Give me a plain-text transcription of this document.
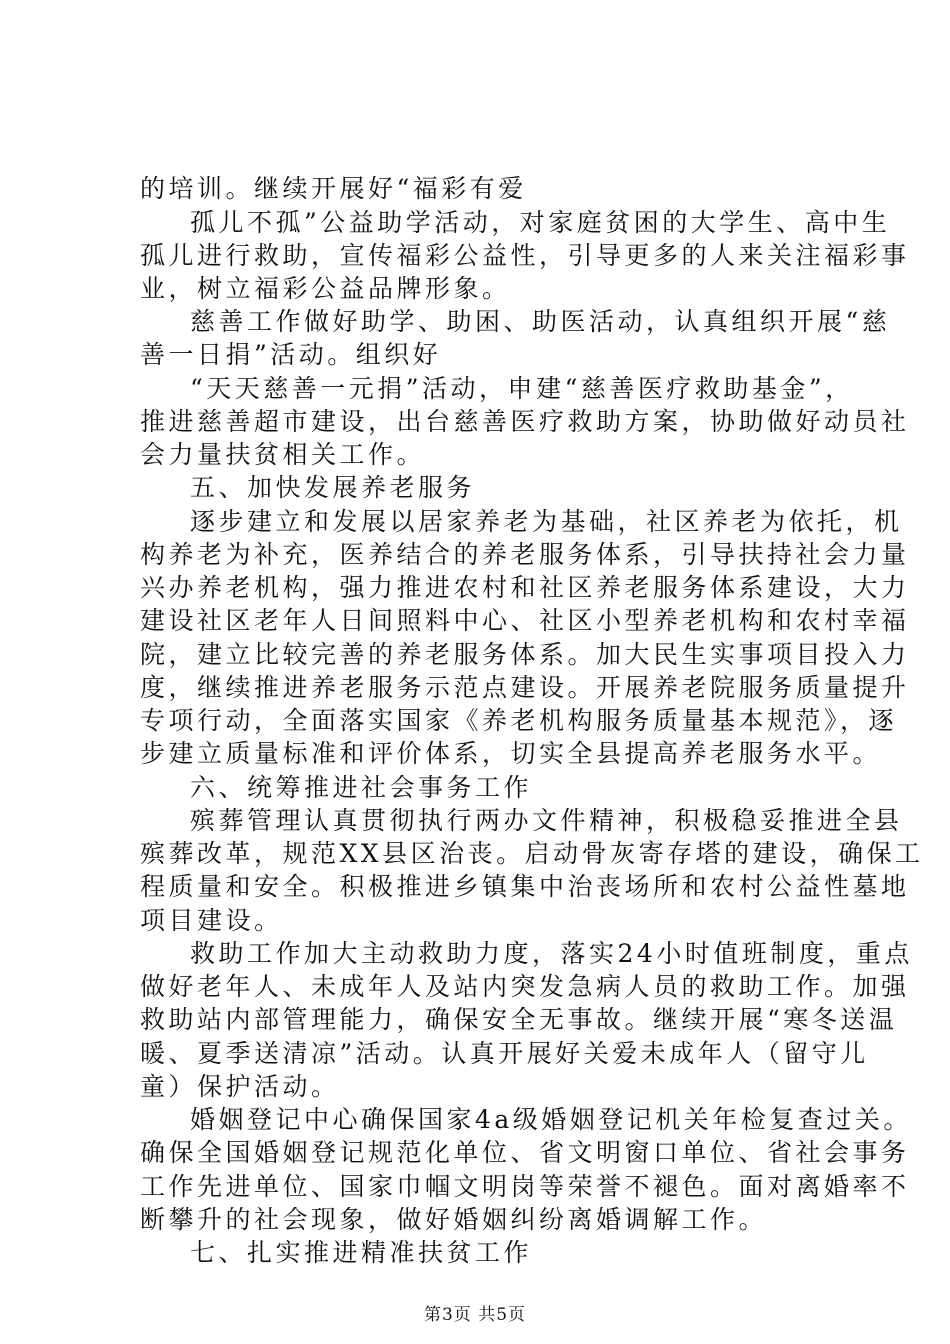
的培训。继续开展好“福彩有爱
孤儿不孤”公益助学活动，对家庭贫困的大学生、高中生
孤儿进行救助，宣传福彩公益性，引导更多的人来关注福彩事
业，树立福彩公益品牌形象。
慈善工作做好助学、助困、助医活动，认真组织开展“慈
善一日捐”活动。组织好
“天天慈善一元捐”活动，申建“慈善医疗救助基金”，
推进慈善超市建设，出台慈善医疗救助方案，协助做好动员社
会力量扶贫相关工作。
五、加快发展养老服务
逐步建立和发展以居家养老为基础，社区养老为依托，机
构养老为补充，医养结合的养老服务体系，引导扶持社会力量
兴办养老机构，强力推进农村和社区养老服务体系建设，大力
建设社区老年人日间照料中心、社区小型养老机构和农村幸福
院，建立比较完善的养老服务体系。加大民生实事项目投入力
度，继续推进养老服务示范点建设。开展养老院服务质量提升
专项行动，全面落实国家《养老机构服务质量基本规范》，逐
步建立质量标准和评价体系，切实全县提高养老服务水平。
六、统筹推进社会事务工作
殡葬管理认真贯彻执行两办文件精神，积极稳妥推进全县
殡葬改革，规范XX县区治丧。启动骨灰寄存塔的建设，确保工
程质量和安全。积极推进乡镇集中治丧场所和农村公益性墓地
项目建设。
救助工作加大主动救助力度，落实24小时值班制度，重点
做好老年人、未成年人及站内突发急病人员的救助工作。加强
救助站内部管理能力，确保安全无事故。继续开展“寒冬送温
暖、夏季送清凉”活动。认真开展好关爱未成年人（留守儿
童）保护活动。
婚姻登记中心确保国家4a级婚姻登记机关年检复查过关。
确保全国婚姻登记规范化单位、省文明窗口单位、省社会事务
工作先进单位、国家巾帼文明岗等荣誉不褪色。面对离婚率不
断攀升的社会现象，做好婚姻纠纷离婚调解工作。
七、扎实推进精准扶贫工作
第3页 共5页
